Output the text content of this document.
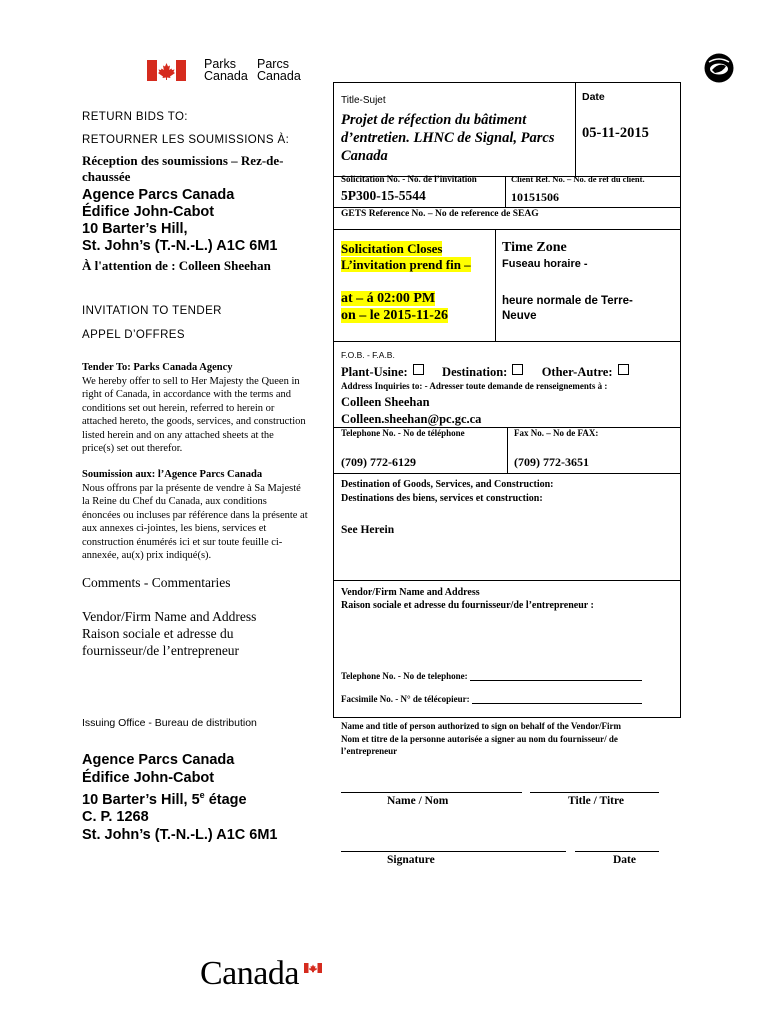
Parks
Canada
Parcs
Canada
RETURN BIDS TO:
RETOURNER LES SOUMISSIONS À:
Réception des soumissions – Rez-de-
chaussée
Agence Parcs Canada
Édifice John-Cabot
10 Barter’s Hill,
St. John’s (T.-N.-L.) A1C 6M1
À l'attention de : Colleen Sheehan
INVITATION TO TENDER
APPEL D’OFFRES
Tender To: Parks Canada Agency
We hereby offer to sell to Her Majesty the Queen in
right of Canada, in accordance with the terms and
conditions set out herein, referred to herein or
attached hereto, the goods, services, and construction
listed herein and on any attached sheets at the
price(s) set out therefor.
Soumission aux: l’Agence Parcs Canada
Nous offrons par la présente de vendre à Sa Majesté
la Reine du Chef du Canada, aux conditions
énoncées ou incluses par référence dans la présente at
aux annexes ci-jointes, les biens, services et
construction énumérés ici et sur toute feuille ci-
annexée, au(x) prix indiqué(s).
Comments - Commentaries
Vendor/Firm Name and Address
Raison sociale et adresse du
fournisseur/de l’entrepreneur
Issuing Office - Bureau de distribution
Agence Parcs Canada
Édifice John-Cabot
10 Barter’s Hill, 5e étage
C. P. 1268
St. John’s (T.-N.-L.) A1C 6M1
Title-Sujet
Projet de réfection du bâtiment
d’entretien. LHNC de Signal, Parcs
Canada
Date
05-11-2015
Solicitation No. - No. de l’invitation
5P300-15-5544
Client Ref. No. – No. de réf du client.
10151506
GETS Reference No. – No de reference de SEAG
Solicitation Closes
L’invitation prend fin –
at – á 02:00 PM
on – le 2015-11-26
Time Zone
Fuseau horaire -
heure normale de Terre-
Neuve
F.O.B. - F.A.B.
Plant-Usine:	Destination:	Other-Autre:
Address Inquiries to: - Adresser toute demande de renseignements à :
Colleen Sheehan
Colleen.sheehan@pc.gc.ca
Telephone No. - No de téléphone	Fax No. – No de FAX:
(709) 772-6129	(709) 772-3651
Destination of Goods, Services, and Construction:
Destinations des biens, services et construction:
See Herein
Vendor/Firm Name and Address
Raison sociale et adresse du fournisseur/de l’entrepreneur :
Telephone No. - No de telephone:
Facsimile No. - N° de télécopieur:
Name and title of person authorized to sign on behalf of the Vendor/Firm
Nom et titre de la personne autorisée a signer au nom du fournisseur/ de
l’entrepreneur
Name / Nom	Title / Titre
Signature	Date
Canada
